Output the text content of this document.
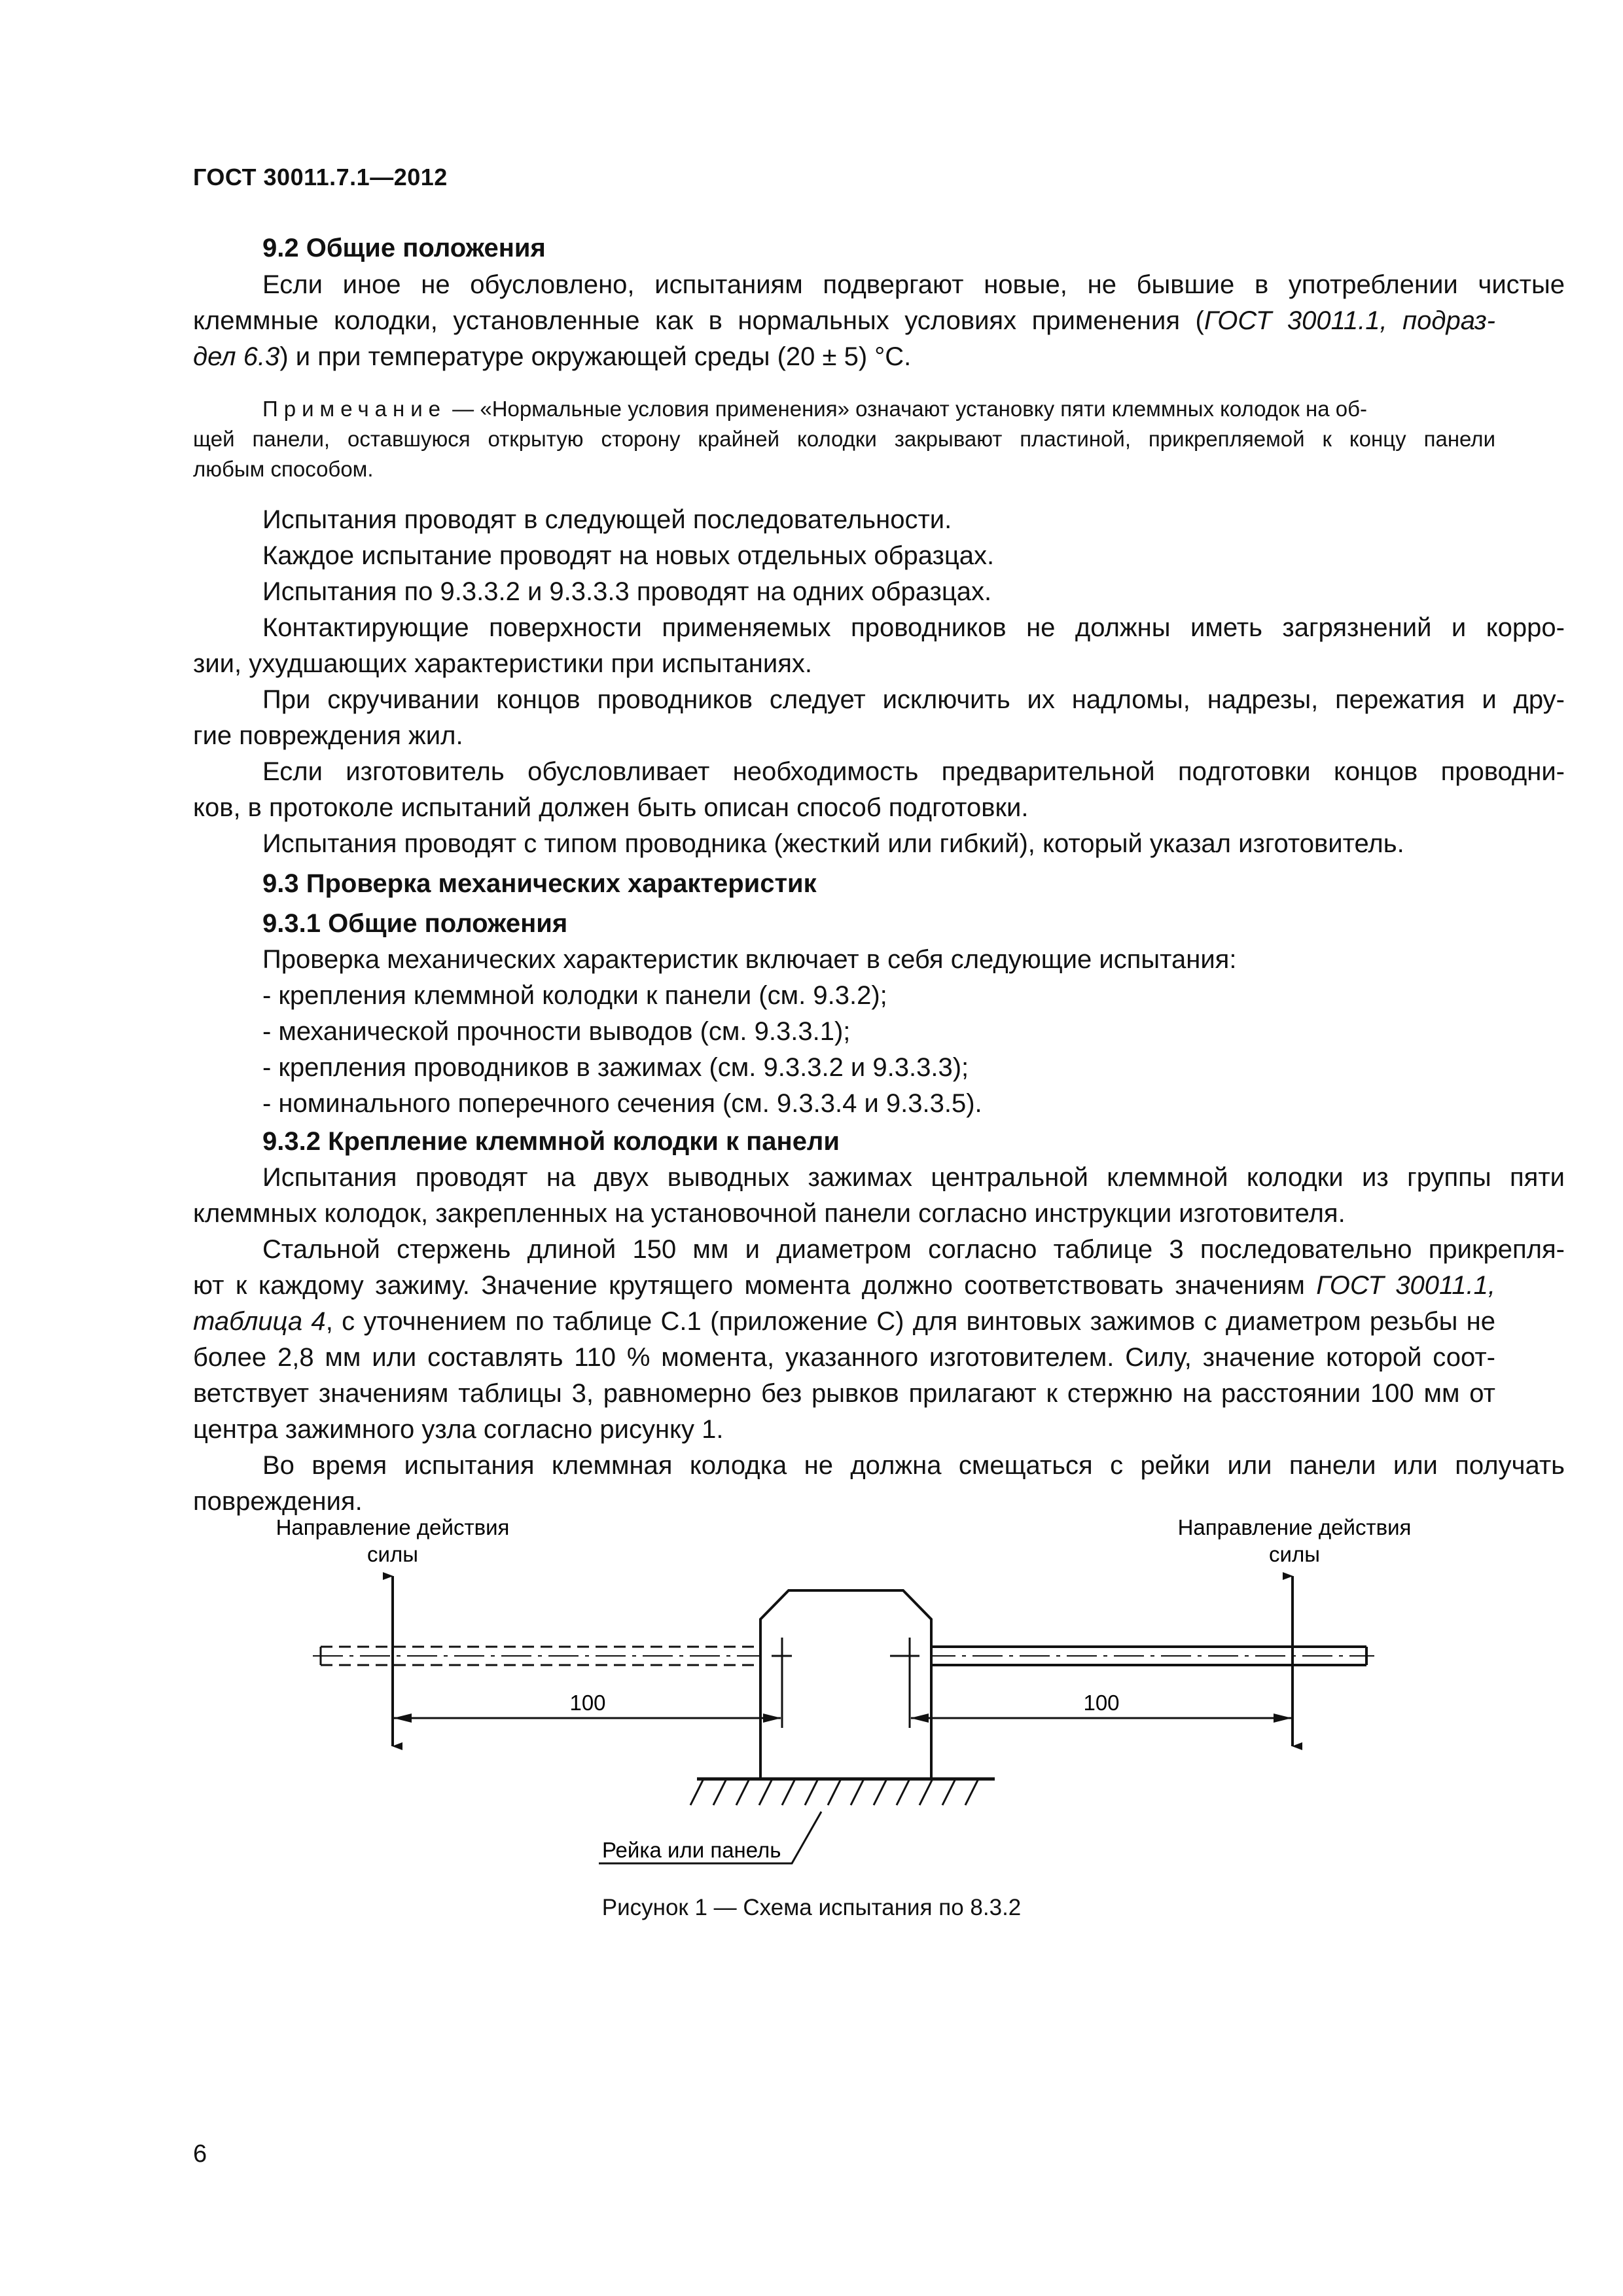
ГОСТ 30011.7.1—2012
9.2 Общие положения
Если иное не обусловлено, испытаниям подвергают новые, не бывшие в употреблении чистые
клеммные колодки, установленные как в нормальных условиях применения (ГОСТ 30011.1, подраз-
дел 6.3) и при температуре окружающей среды (20 ± 5) °С.
Примечание — «Нормальные условия применения» означают установку пяти клеммных колодок на об-
щей панели, оставшуюся открытую сторону крайней колодки закрывают пластиной, прикрепляемой к концу панели
любым способом.
Испытания проводят в следующей последовательности.
Каждое испытание проводят на новых отдельных образцах.
Испытания по 9.3.3.2 и 9.3.3.3 проводят на одних образцах.
Контактирующие поверхности применяемых проводников не должны иметь загрязнений и корро-
зии, ухудшающих характеристики при испытаниях.
При скручивании концов проводников следует исключить их надломы, надрезы, пережатия и дру-
гие повреждения жил.
Если изготовитель обусловливает необходимость предварительной подготовки концов проводни-
ков, в протоколе испытаний должен быть описан способ подготовки.
Испытания проводят с типом проводника (жесткий или гибкий), который указал изготовитель.
9.3 Проверка механических характеристик
9.3.1 Общие положения
Проверка механических характеристик включает в себя следующие испытания:
- крепления клеммной колодки к панели (см. 9.3.2);
- механической прочности выводов (см. 9.3.3.1);
- крепления проводников в зажимах (см. 9.3.3.2 и 9.3.3.3);
- номинального поперечного сечения (см. 9.3.3.4 и 9.3.3.5).
9.3.2 Крепление клеммной колодки к панели
Испытания проводят на двух выводных зажимах центральной клеммной колодки из группы пяти
клеммных колодок, закрепленных на установочной панели согласно инструкции изготовителя.
Стальной стержень длиной 150 мм и диаметром согласно таблице 3 последовательно прикрепля-
ют к каждому зажиму. Значение крутящего момента должно соответствовать значениям ГОСТ 30011.1,
таблица 4, с уточнением по таблице С.1 (приложение С) для винтовых зажимов с диаметром резьбы не
более 2,8 мм или составлять 110 % момента, указанного изготовителем. Силу, значение которой соот-
ветствует значениям таблицы 3, равномерно без рывков прилагают к стержню на расстоянии 100 мм от
центра зажимного узла согласно рисунку 1.
Во время испытания клеммная колодка не должна смещаться с рейки или панели или получать
повреждения.
Направление действия
силы
Направление действия
силы
100	100
Рейка или панель
Рисунок 1 — Схема испытания по 8.3.2
6
